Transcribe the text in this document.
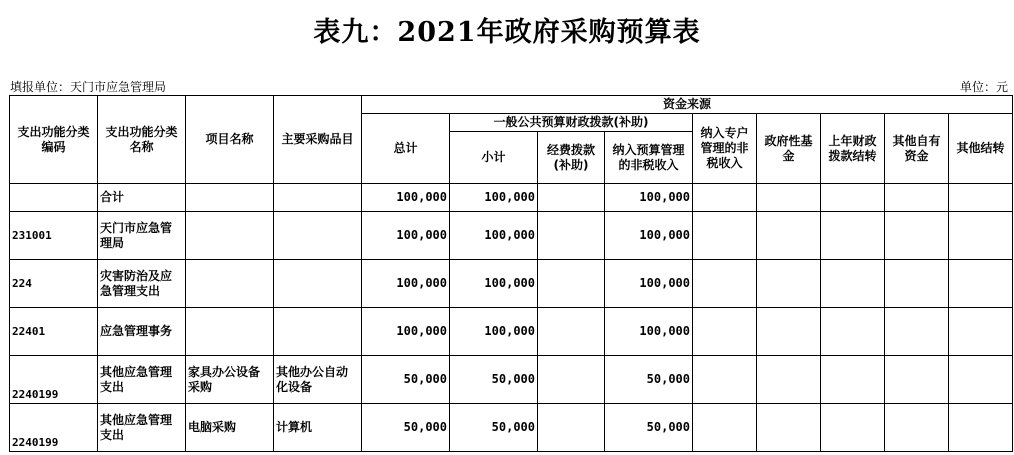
表九：2021年政府采购预算表
填报单位：天门市应急管理局	单位：元
支出功能分类编码	支出功能分类名称	项目名称	主要采购品目	资金来源								
				总计	一般公共预算财政拨款(补助)			纳入专户管理的非税收入	政府性基金	上年财政拨款结转	其他自有资金	其他结转
					小计	经费拨款(补助)	纳入预算管理的非税收入					
	合计			100,000	100,000		100,000					
231001	天门市应急管理局			100,000	100,000		100,000					
224	灾害防治及应急管理支出			100,000	100,000		100,000					
22401	应急管理事务			100,000	100,000		100,000					
2240199	其他应急管理支出	家具办公设备采购	其他办公自动化设备	50,000	50,000		50,000					
2240199	其他应急管理支出	电脑采购	计算机	50,000	50,000		50,000					
